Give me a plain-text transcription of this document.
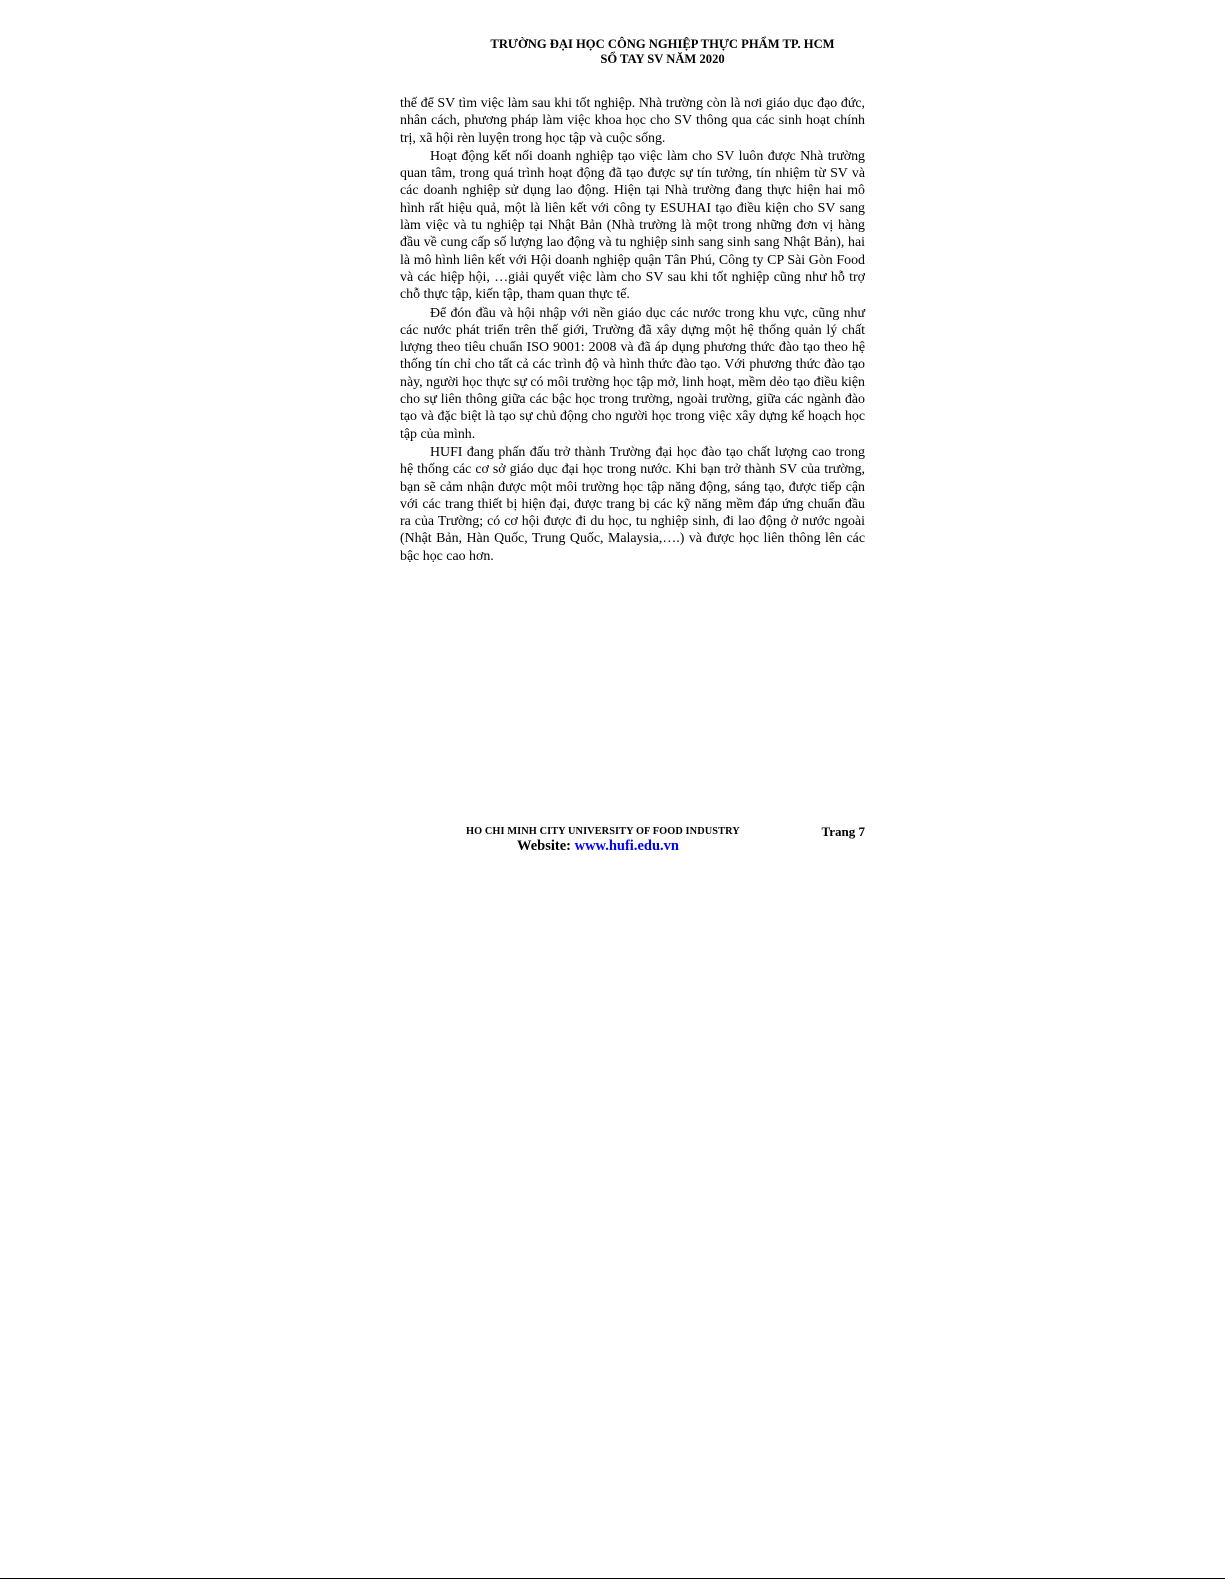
TRƯỜNG ĐẠI HỌC CÔNG NGHIỆP THỰC PHẨM TP. HCM
SỔ TAY SV NĂM 2020

thế để SV tìm việc làm sau khi tốt nghiệp. Nhà trường còn là nơi giáo dục đạo đức, nhân cách, phương pháp làm việc khoa học cho SV thông qua các sinh hoạt chính trị, xã hội rèn luyện trong học tập và cuộc sống.

Hoạt động kết nối doanh nghiệp tạo việc làm cho SV luôn được Nhà trường quan tâm, trong quá trình hoạt động đã tạo được sự tín tưởng, tín nhiệm từ SV và các doanh nghiệp sử dụng lao động. Hiện tại Nhà trường đang thực hiện hai mô hình rất hiệu quả, một là liên kết với công ty ESUHAI tạo điều kiện cho SV sang làm việc và tu nghiệp tại Nhật Bản (Nhà trường là một trong những đơn vị hàng đầu về cung cấp số lượng lao động và tu nghiệp sinh sang sinh sang Nhật Bản), hai là mô hình liên kết với Hội doanh nghiệp quận Tân Phú, Công ty CP Sài Gòn Food và các hiệp hội, …giải quyết việc làm cho SV sau khi tốt nghiệp cũng như hỗ trợ chỗ thực tập, kiến tập, tham quan thực tế.

Để đón đầu và hội nhập với nền giáo dục các nước trong khu vực, cũng như các nước phát triển trên thế giới, Trường đã xây dựng một hệ thống quản lý chất lượng theo tiêu chuẩn ISO 9001: 2008 và đã áp dụng phương thức đào tạo theo hệ thống tín chỉ cho tất cả các trình độ và hình thức đào tạo. Với phương thức đào tạo này, người học thực sự có môi trường học tập mở, linh hoạt, mềm dẻo tạo điều kiện cho sự liên thông giữa các bậc học trong trường, ngoài trường, giữa các ngành đào tạo và đặc biệt là tạo sự chủ động cho người học trong việc xây dựng kế hoạch học tập của mình.

HUFI đang phấn đấu trở thành Trường đại học đào tạo chất lượng cao trong hệ thống các cơ sở giáo dục đại học trong nước. Khi bạn trở thành SV của trường, bạn sẽ cảm nhận được một môi trường học tập năng động, sáng tạo, được tiếp cận với các trang thiết bị hiện đại, được trang bị các kỹ năng mềm đáp ứng chuẩn đầu ra của Trường; có cơ hội được đi du học, tu nghiệp sinh, đi lao động ở nước ngoài (Nhật Bản, Hàn Quốc, Trung Quốc, Malaysia,….) và được học liên thông lên các bậc học cao hơn.

HO CHI MINH CITY UNIVERSITY OF FOOD INDUSTRY	Trang 7
Website: www.hufi.edu.vn
